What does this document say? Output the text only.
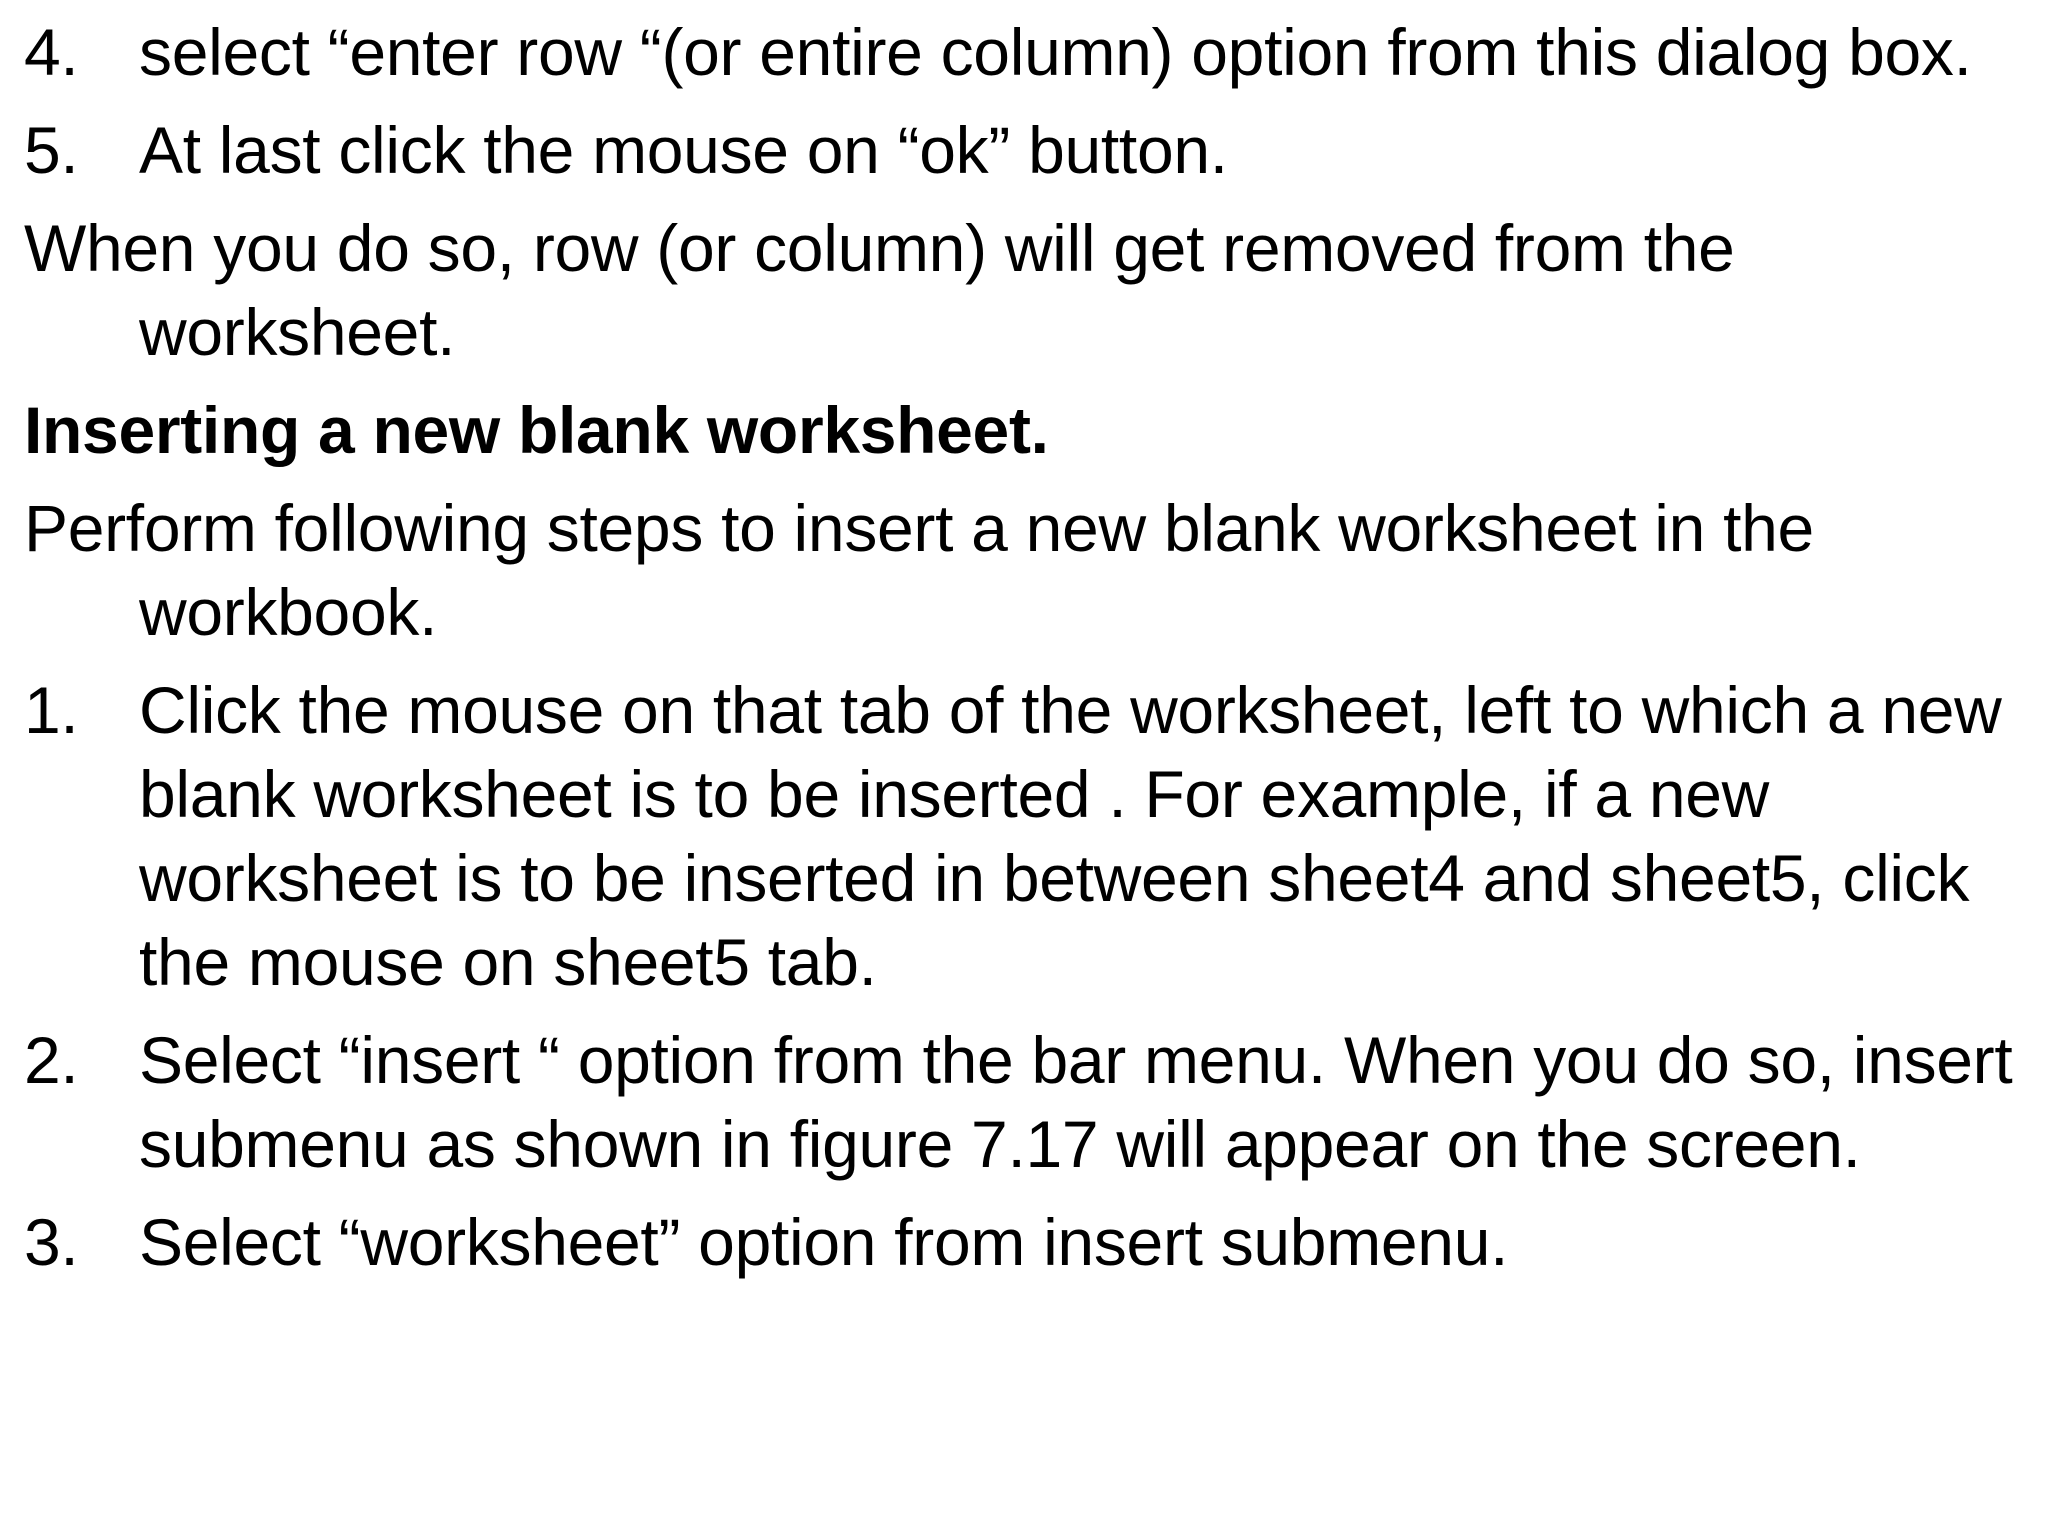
4. select “enter row “(or entire column) option from this dialog box.
5. At last click the mouse on “ok” button.
When you do so, row (or column) will get removed from the worksheet.
Inserting a new blank worksheet.
Perform following steps to insert a new blank worksheet in the workbook.
1. Click the mouse on that tab of the worksheet, left to which a new blank worksheet is to be inserted . For example, if a new worksheet is to be inserted in between sheet4 and sheet5, click the mouse on sheet5 tab.
2. Select “insert “ option from the bar menu. When you do so, insert submenu as shown in figure 7.17 will appear on the screen.
3. Select “worksheet” option from insert submenu.
